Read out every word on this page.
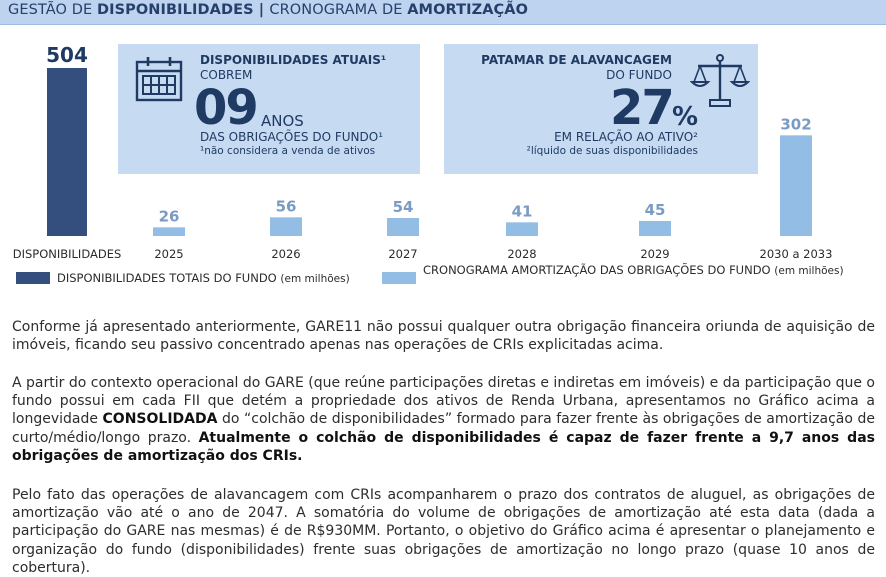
GESTÃO DE DISPONIBILIDADES | CRONOGRAMA DE AMORTIZAÇÃO
504
DISPONIBILIDADES
26
2025
56
2026
54
2027
41
2028
45
2029
302
2030 a 2033
DISPONIBILIDADES ATUAIS¹
COBREM
09 ANOS
DAS OBRIGAÇÕES DO FUNDO¹
¹não considera a venda de ativos
PATAMAR DE ALAVANCAGEM
DO FUNDO
27 %
EM RELAÇÃO AO ATIVO²
²líquido de suas disponibilidades
DISPONIBILIDADES TOTAIS DO FUNDO (em milhões)
CRONOGRAMA AMORTIZAÇÃO DAS OBRIGAÇÕES DO FUNDO (em milhões)

Conforme já apresentado anteriormente, GARE11 não possui qualquer outra obrigação financeira oriunda de aquisição de imóveis, ficando seu passivo concentrado apenas nas operações de CRIs explicitadas acima.

A partir do contexto operacional do GARE (que reúne participações diretas e indiretas em imóveis) e da participação que o fundo possui em cada FII que detém a propriedade dos ativos de Renda Urbana, apresentamos no Gráfico acima a longevidade CONSOLIDADA do “colchão de disponibilidades” formado para fazer frente às obrigações de amortização de curto/médio/longo prazo. Atualmente o colchão de disponibilidades é capaz de fazer frente a 9,7 anos das obrigações de amortização dos CRIs.

Pelo fato das operações de alavancagem com CRIs acompanharem o prazo dos contratos de aluguel, as obrigações de amortização vão até o ano de 2047. A somatória do volume de obrigações de amortização até esta data (dada a participação do GARE nas mesmas) é de R$930MM. Portanto, o objetivo do Gráfico acima é apresentar o planejamento e organização do fundo (disponibilidades) frente suas obrigações de amortização no longo prazo (quase 10 anos de cobertura).
